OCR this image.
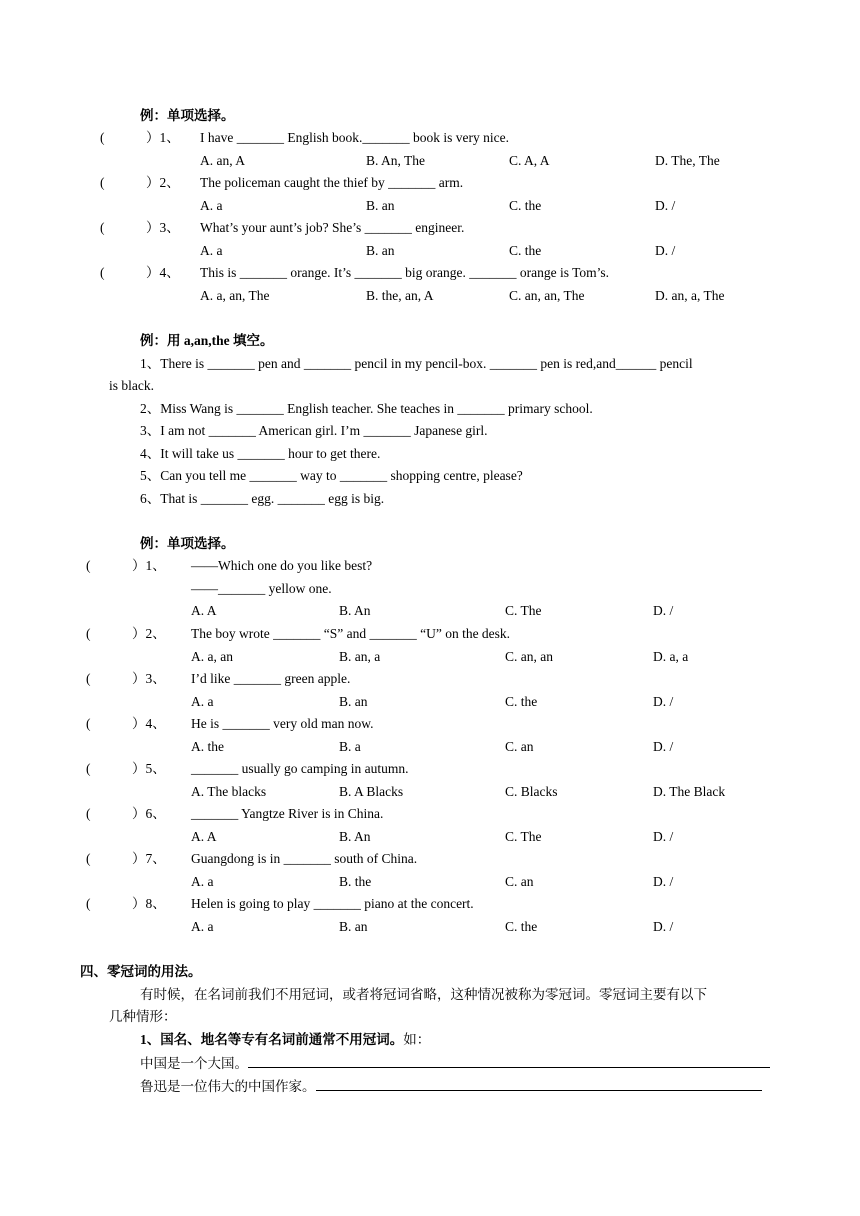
例：单项选择。
(	）1、 I have _______ English book._______ book is very nice.
A. an, A	B. An, The	C. A, A	D. The, The
(	）2、 The policeman caught the thief by _______ arm.
A. a	B. an	C. the	D. /
(	）3、 What’s your aunt’s job? She’s _______ engineer.
A. a	B. an	C. the	D. /
(	）4、 This is _______ orange. It’s _______ big orange. _______ orange is Tom’s.
A. a, an, The	B. the, an, A	C. an, an, The	D. an, a, The
例：用 a,an,the 填空。
1、There is _______ pen and _______ pencil in my pencil-box. _______ pen is red,and______ pencil
is black.
2、Miss Wang is _______ English teacher. She teaches in _______ primary school.
3、I am not _______ American girl. I’m _______ Japanese girl.
4、It will take us _______ hour to get there.
5、Can you tell me _______ way to _______ shopping centre, please?
6、That is _______ egg. _______ egg is big.
例：单项选择。
(	）1、 ——Which one do you like best?
——_______ yellow one.
A. A	B. An	C. The	D. /
(	）2、 The boy wrote _______ “S” and _______ “U” on the desk.
A. a, an	B. an, a	C. an, an	D. a, a
(	）3、 I’d like _______ green apple.
A. a	B. an	C. the	D. /
(	）4、 He is _______ very old man now.
A. the	B. a	C. an	D. /
(	）5、 _______ usually go camping in autumn.
A. The blacks	B. A Blacks	C. Blacks	D. The Black
(	）6、 _______ Yangtze River is in China.
A. A	B. An	C. The	D. /
(	）7、 Guangdong is in _______ south of China.
A. a	B. the	C. an	D. /
(	）8、 Helen is going to play _______ piano at the concert.
A. a	B. an	C. the	D. /
四、零冠词的用法。
有时候，在名词前我们不用冠词，或者将冠词省略，这种情况被称为零冠词。零冠词主要有以下
几种情形：
1、国名、地名等专有名词前通常不用冠词。如：
中国是一个大国。
鲁迅是一位伟大的中国作家。
